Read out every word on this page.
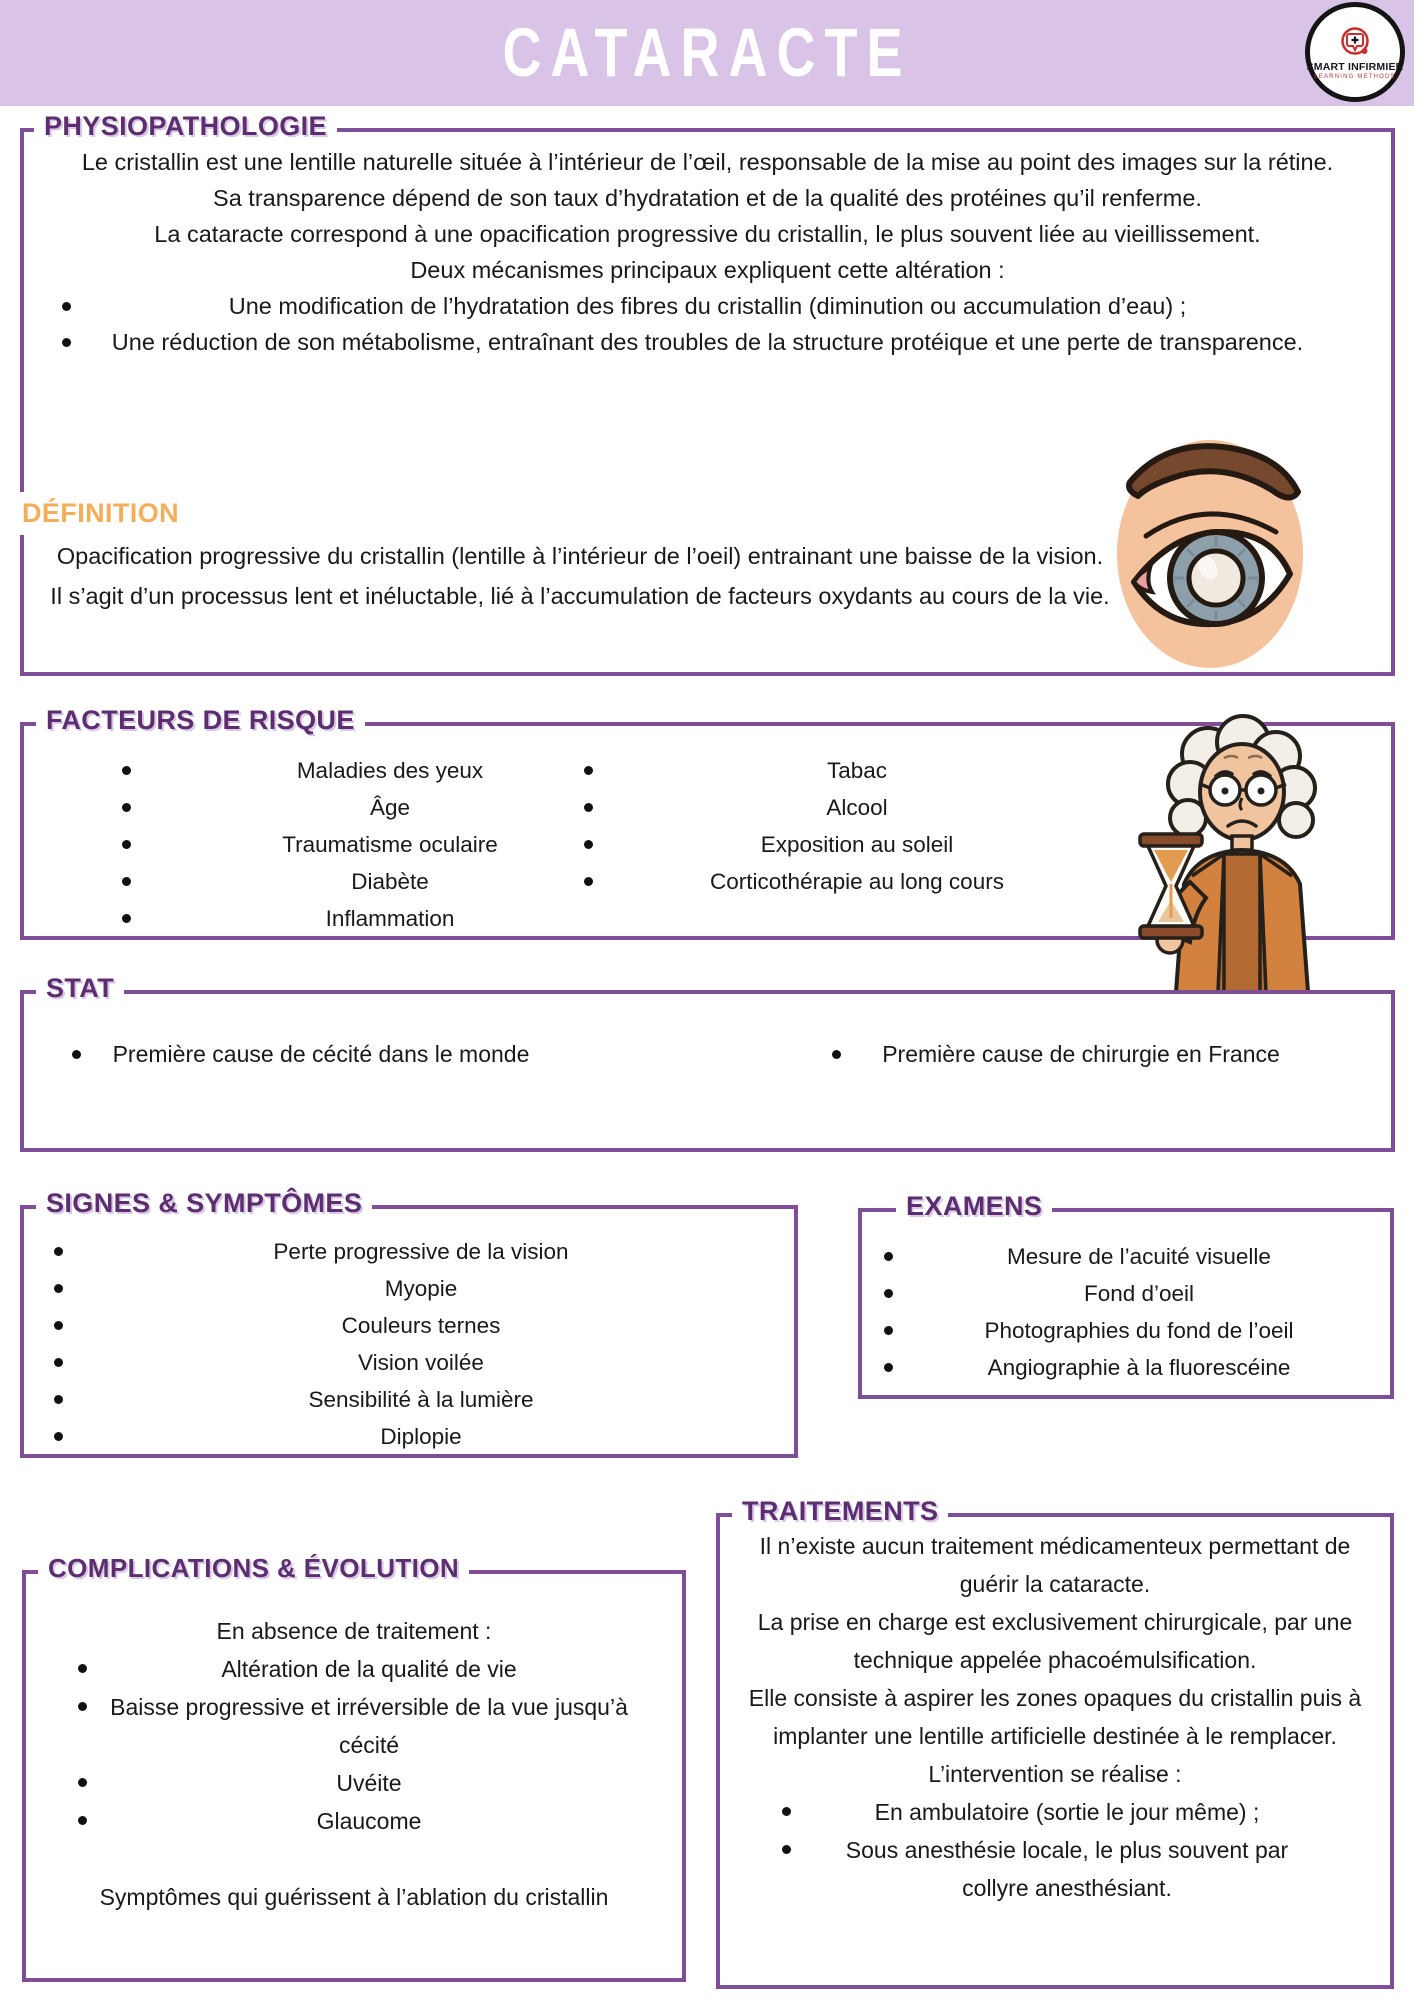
CATARACTE	SMART INFIRMIER
LEARNING METHODS
PHYSIOPATHOLOGIE

Le cristallin est une lentille naturelle située à l’intérieur de l’œil, responsable de la mise au point des images sur la rétine.

Sa transparence dépend de son taux d’hydratation et de la qualité des protéines qu’il renferme.

La cataracte correspond à une opacification progressive du cristallin, le plus souvent liée au vieillissement.

Deux mécanismes principaux expliquent cette altération :

Une modification de l’hydratation des fibres du cristallin (diminution ou accumulation d’eau) ;
Une réduction de son métabolisme, entraînant des troubles de la structure protéique et une perte de transparence.
DÉFINITION
Opacification progressive du cristallin (lentille à l’intérieur de l’oeil) entrainant une baisse de la vision. Il s’agit d’un processus lent et inéluctable, lié à l’accumulation de facteurs oxydants au cours de la vie.
FACTEURS DE RISQUE
Maladies des yeux
Âge
Traumatisme oculaire
Diabète
Inflammation
Tabac
Alcool
Exposition au soleil
Corticothérapie au long cours
STAT
Première cause de cécité dans le monde	Première cause de chirurgie en France
SIGNES & SYMPTÔMES
Perte progressive de la vision
Myopie
Couleurs ternes
Vision voilée
Sensibilité à la lumière
Diplopie
EXAMENS
Mesure de l’acuité visuelle
Fond d’oeil
Photographies du fond de l’oeil
Angiographie à la fluorescéine
COMPLICATIONS & ÉVOLUTION

En absence de traitement :

Altération de la qualité de vie
Baisse progressive et irréversible de la vue jusqu’à cécité
Uvéite
Glaucome

Symptômes qui guérissent à l’ablation du cristallin

TRAITEMENTS

Il n’existe aucun traitement médicamenteux permettant de guérir la cataracte.

La prise en charge est exclusivement chirurgicale, par une technique appelée phacoémulsification.

Elle consiste à aspirer les zones opaques du cristallin puis à implanter une lentille artificielle destinée à le remplacer.

L’intervention se réalise :

En ambulatoire (sortie le jour même) ;
Sous anesthésie locale, le plus souvent par collyre anesthésiant.
